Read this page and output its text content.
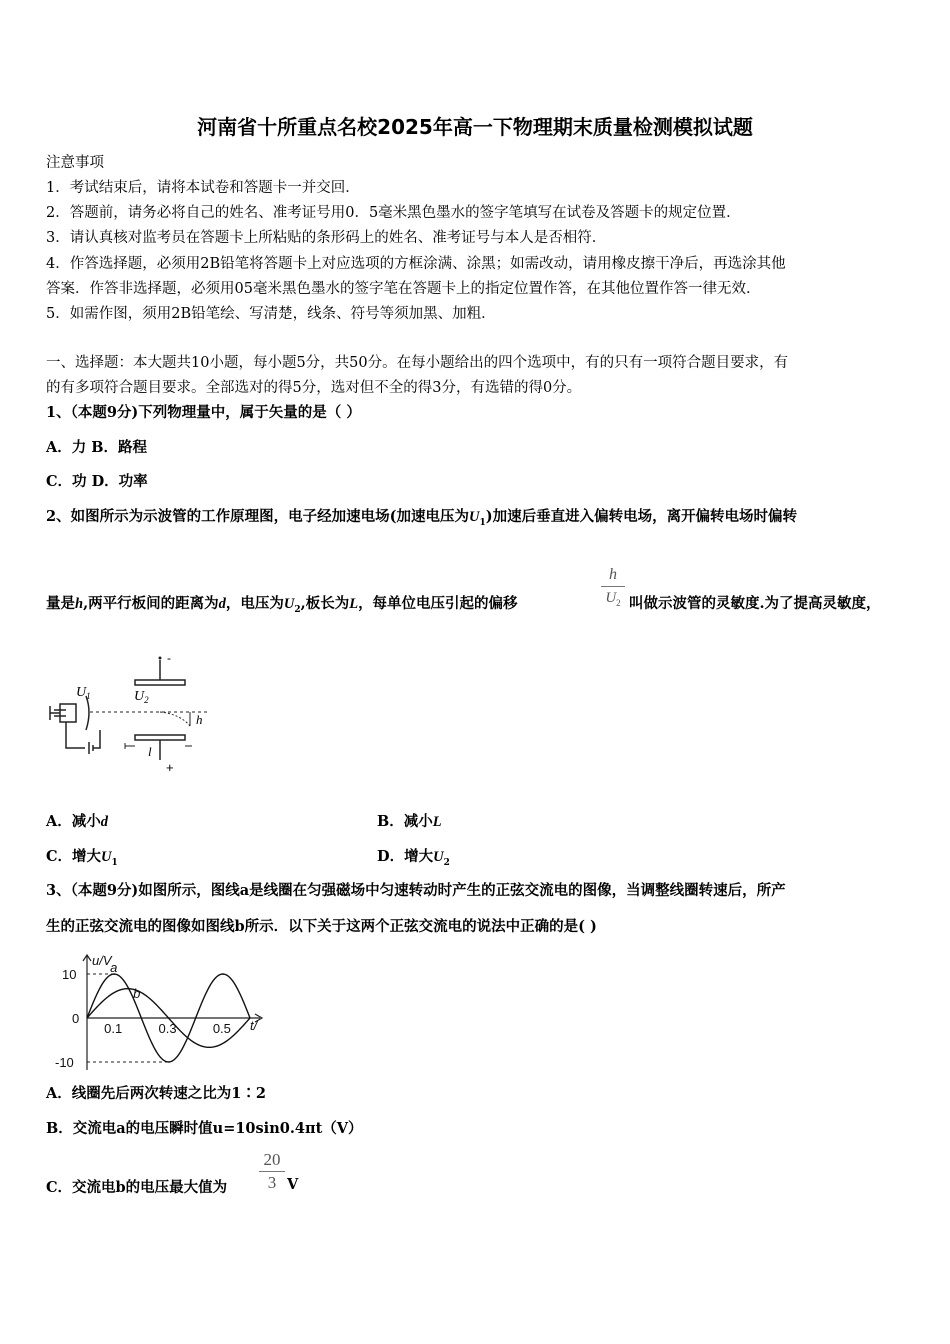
河南省十所重点名校2025年高一下物理期末质量检测模拟试题
注意事项
1．考试结束后，请将本试卷和答题卡一并交回．
2．答题前，请务必将自己的姓名、准考证号用0．5毫米黑色墨水的签字笔填写在试卷及答题卡的规定位置．
3．请认真核对监考员在答题卡上所粘贴的条形码上的姓名、准考证号与本人是否相符．
4．作答选择题，必须用2B铅笔将答题卡上对应选项的方框涂满、涂黑；如需改动，请用橡皮擦干净后，再选涂其他
答案．作答非选择题，必须用05毫米黑色墨水的签字笔在答题卡上的指定位置作答，在其他位置作答一律无效．
5．如需作图，须用2B铅笔绘、写清楚，线条、符号等须加黑、加粗．
一、选择题：本大题共10小题，每小题5分，共50分。在每小题给出的四个选项中，有的只有一项符合题目要求，有
的有多项符合题目要求。全部选对的得5分，选对但不全的得3分，有选错的得0分。
1、（本题9分)下列物理量中，属于矢量的是（ ）
A．力 B．路程
C．功 D．功率
2、如图所示为示波管的工作原理图，电子经加速电场(加速电压为$U_1$)加速后垂直进入偏转电场，离开偏转电场时偏转
h
$U_2$
量是h,两平行板间的距离为d，电压为$U_2$,板长为L，每单位电压引起的偏移	叫做示波管的灵敏度.为了提高灵敏度，
$U_1$	$U_2$
h
l
+
-
A．减小d	B．减小L
C．增大$U_1$	D．增大$U_2$
3、（本题9分)如图所示，图线a是线圈在匀强磁场中匀速转动时产生的正弦交流电的图像，当调整线圈转速后，所产
生的正弦交流电的图像如图线b所示．以下关于这两个正弦交流电的说法中正确的是( )
10
0
-10
0.1	0.3	0.5
u/V
t/
a
b
A．线圈先后两次转速之比为1∶2
B．交流电a的电压瞬时值u=10sin0.4πt（V）
20
3
C．交流电b的电压最大值为	V
